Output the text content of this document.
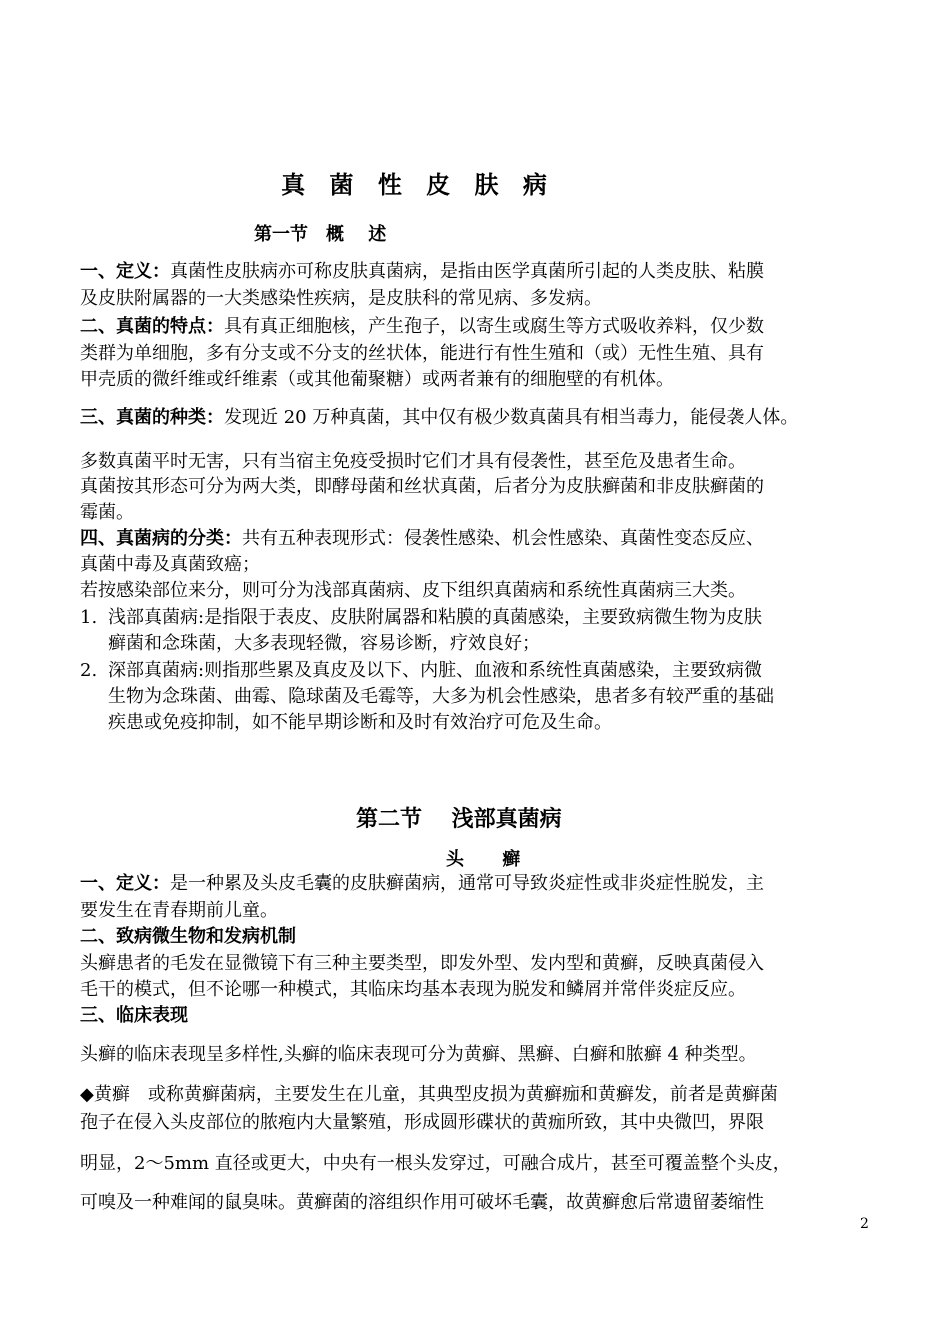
真 菌 性 皮 肤 病
第一节　概　 述
一、定义：真菌性皮肤病亦可称皮肤真菌病，是指由医学真菌所引起的人类皮肤、粘膜
及皮肤附属器的一大类感染性疾病，是皮肤科的常见病、多发病。
二、真菌的特点：具有真正细胞核，产生孢子，以寄生或腐生等方式吸收养料，仅少数
类群为单细胞，多有分支或不分支的丝状体，能进行有性生殖和（或）无性生殖、具有
甲壳质的微纤维或纤维素（或其他葡聚糖）或两者兼有的细胞壁的有机体。
三、真菌的种类：发现近 20 万种真菌，其中仅有极少数真菌具有相当毒力，能侵袭人体。
多数真菌平时无害，只有当宿主免疫受损时它们才具有侵袭性，甚至危及患者生命。
真菌按其形态可分为两大类，即酵母菌和丝状真菌，后者分为皮肤癣菌和非皮肤癣菌的
霉菌。
四、真菌病的分类：共有五种表现形式：侵袭性感染、机会性感染、真菌性变态反应、
真菌中毒及真菌致癌；
若按感染部位来分，则可分为浅部真菌病、皮下组织真菌病和系统性真菌病三大类。
1. 浅部真菌病:是指限于表皮、皮肤附属器和粘膜的真菌感染，主要致病微生物为皮肤
癣菌和念珠菌，大多表现轻微，容易诊断，疗效良好；
2. 深部真菌病:则指那些累及真皮及以下、内脏、血液和系统性真菌感染，主要致病微
生物为念珠菌、曲霉、隐球菌及毛霉等，大多为机会性感染，患者多有较严重的基础
疾患或免疫抑制，如不能早期诊断和及时有效治疗可危及生命。
第二节　 浅部真菌病
头 癣
一、定义：是一种累及头皮毛囊的皮肤癣菌病，通常可导致炎症性或非炎症性脱发，主
要发生在青春期前儿童。
二、致病微生物和发病机制
头癣患者的毛发在显微镜下有三种主要类型，即发外型、发内型和黄癣，反映真菌侵入
毛干的模式，但不论哪一种模式，其临床均基本表现为脱发和鳞屑并常伴炎症反应。
三、临床表现
头癣的临床表现呈多样性,头癣的临床表现可分为黄癣、黑癣、白癣和脓癣 4 种类型。
◆黄癣　或称黄癣菌病，主要发生在儿童，其典型皮损为黄癣痂和黄癣发，前者是黄癣菌
孢子在侵入头皮部位的脓疱内大量繁殖，形成圆形碟状的黄痂所致，其中央微凹，界限
明显，2～5mm 直径或更大，中央有一根头发穿过，可融合成片，甚至可覆盖整个头皮，
可嗅及一种难闻的鼠臭味。黄癣菌的溶组织作用可破坏毛囊，故黄癣愈后常遗留萎缩性
2
